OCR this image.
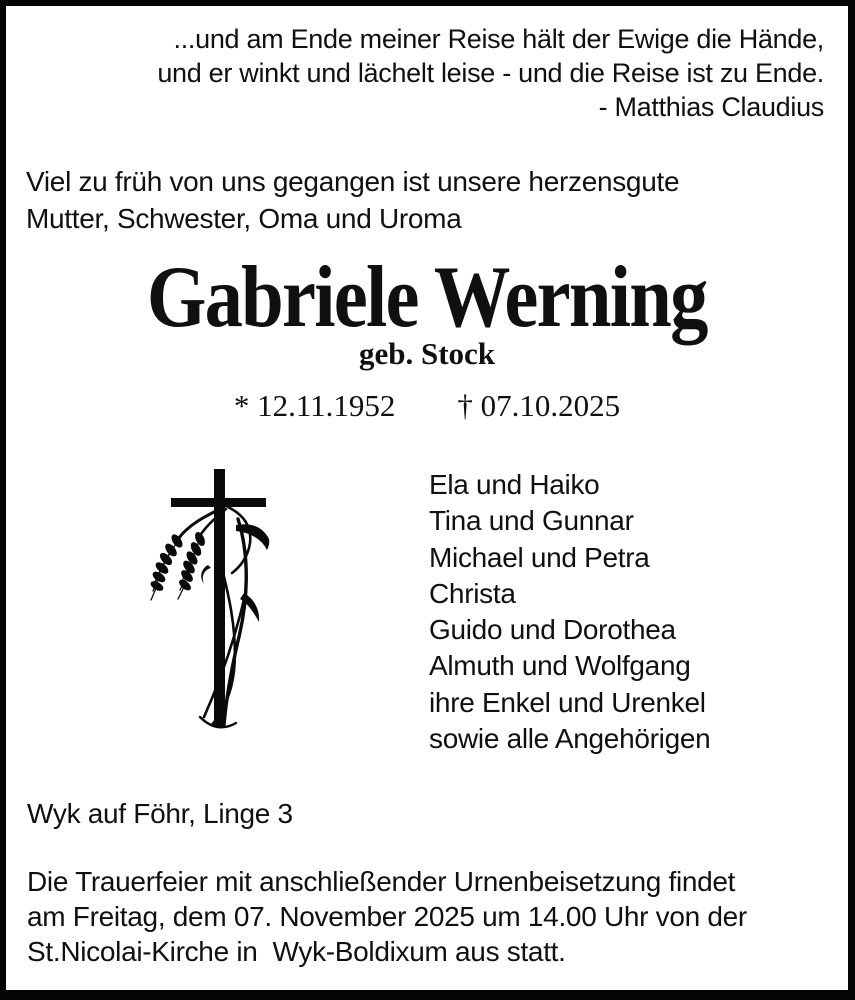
...und am Ende meiner Reise hält der Ewige die Hände,
und er winkt und lächelt leise - und die Reise ist zu Ende.
- Matthias Claudius
Viel zu früh von uns gegangen ist unsere herzensgute
Mutter, Schwester, Oma und Uroma
Gabriele Werning
geb. Stock
* 12.11.1952 † 07.10.2025
Ela und Haiko
Tina und Gunnar
Michael und Petra
Christa
Guido und Dorothea
Almuth und Wolfgang
ihre Enkel und Urenkel
sowie alle Angehörigen
Wyk auf Föhr, Linge 3
Die Trauerfeier mit anschließender Urnenbeisetzung findet
am Freitag, dem 07. November 2025 um 14.00 Uhr von der
St.Nicolai-Kirche in  Wyk-Boldixum aus statt.
